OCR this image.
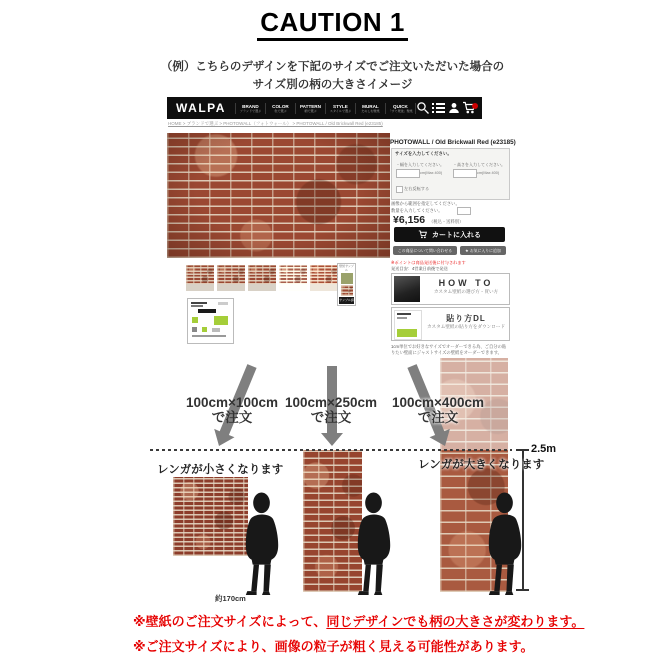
CAUTION 1
（例）こちらのデザインを下記のサイズでご注文いただいた場合の
サイズ別の柄の大きさイメージ
WALPA	BRAND
ブランドで選ぶ
COLOR
色で選ぶ
PATTERN
柄で選ぶ
STYLE
スタイルで選ぶ
MURAL
たのしむ壁紙
QUICK
「すぐ発送」壁紙
HOME > ブランドで選ぶ > PHOTOWALL（フォトウォール） > PHOTOWALL / Old Brickwall Red (e23185)
壁紙サンプル
サンプル請求
PHOTOWALL / Old Brickwall Red (e23185)
サイズを入力してください。
・幅を入力してください。 ・高さを入力してください。
cm(Max 400)	cm(Max 400)
左右反転する
画像から範囲を指定してください。
数量を入力してください。
¥6,156 （税込・送料別）
カートに入れる
この商品について問い合わせる	★ お気に入りに追加
※ポイントは商品発送後に付与されます
発送目安：4営業日前後で発送
HOW TO
カスタム壁紙の選び方・買い方
貼り方DL
カスタム壁紙の貼り方をダウンロード
1cm単位でお好きなサイズでオーダーできる為、ご自分の貼りたい壁面にジャストサイズの壁紙をオーダーできます。
100cm×100cm
で注文
100cm×250cm
で注文
100cm×400cm
で注文
2.5m
レンガが小さくなります	レンガが大きくなります
約170cm
※壁紙のご注文サイズによって、同じデザインでも柄の大きさが変わります。
※ご注文サイズにより、画像の粒子が粗く見える可能性があります。
